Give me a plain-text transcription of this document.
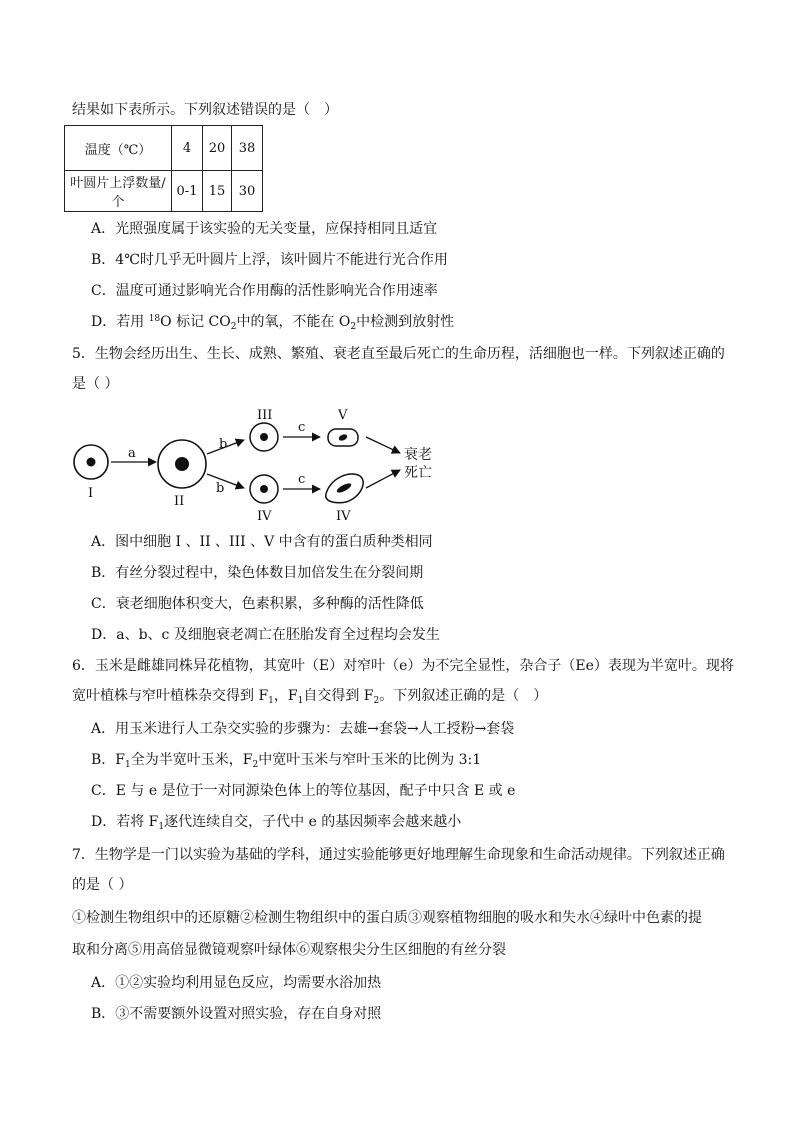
结果如下表所示。下列叙述错误的是（　）
温度（℃）	4	20	38
叶圆片上浮数量/个	0-1	15	30
A．光照强度属于该实验的无关变量，应保持相同且适宜
B．4℃时几乎无叶圆片上浮，该叶圆片不能进行光合作用
C．温度可通过影响光合作用酶的活性影响光合作用速率
D．若用 $^{18}$O 标记 $CO_2$中的氧，不能在 $O_2$中检测到放射性
5．生物会经历出生、生长、成熟、繁殖、衰老直至最后死亡的生命历程，活细胞也一样。下列叙述正确的
是（ ）
I
a
II
b
b
III
IV
c
c
V
IV
衰老
死亡
A．图中细胞 I 、II 、III 、V 中含有的蛋白质种类相同
B．有丝分裂过程中，染色体数目加倍发生在分裂间期
C．衰老细胞体积变大，色素积累，多种酶的活性降低
D．a、b、c 及细胞衰老凋亡在胚胎发育全过程均会发生
6．玉米是雌雄同株异花植物，其宽叶（E）对窄叶（e）为不完全显性，杂合子（Ee）表现为半宽叶。现将
宽叶植株与窄叶植株杂交得到 $F_1$，$F_1$自交得到 $F_2$。下列叙述正确的是（　）
A．用玉米进行人工杂交实验的步骤为：去雄→套袋→人工授粉→套袋
B．$F_1$全为半宽叶玉米，$F_2$中宽叶玉米与窄叶玉米的比例为 3:1
C．E 与 e 是位于一对同源染色体上的等位基因，配子中只含 E 或 e
D．若将 $F_1$逐代连续自交，子代中 e 的基因频率会越来越小
7．生物学是一门以实验为基础的学科，通过实验能够更好地理解生命现象和生命活动规律。下列叙述正确
的是（ ）
①检测生物组织中的还原糖②检测生物组织中的蛋白质③观察植物细胞的吸水和失水④绿叶中色素的提
取和分离⑤用高倍显微镜观察叶绿体⑥观察根尖分生区细胞的有丝分裂
A．①②实验均利用显色反应，均需要水浴加热
B．③不需要额外设置对照实验，存在自身对照
